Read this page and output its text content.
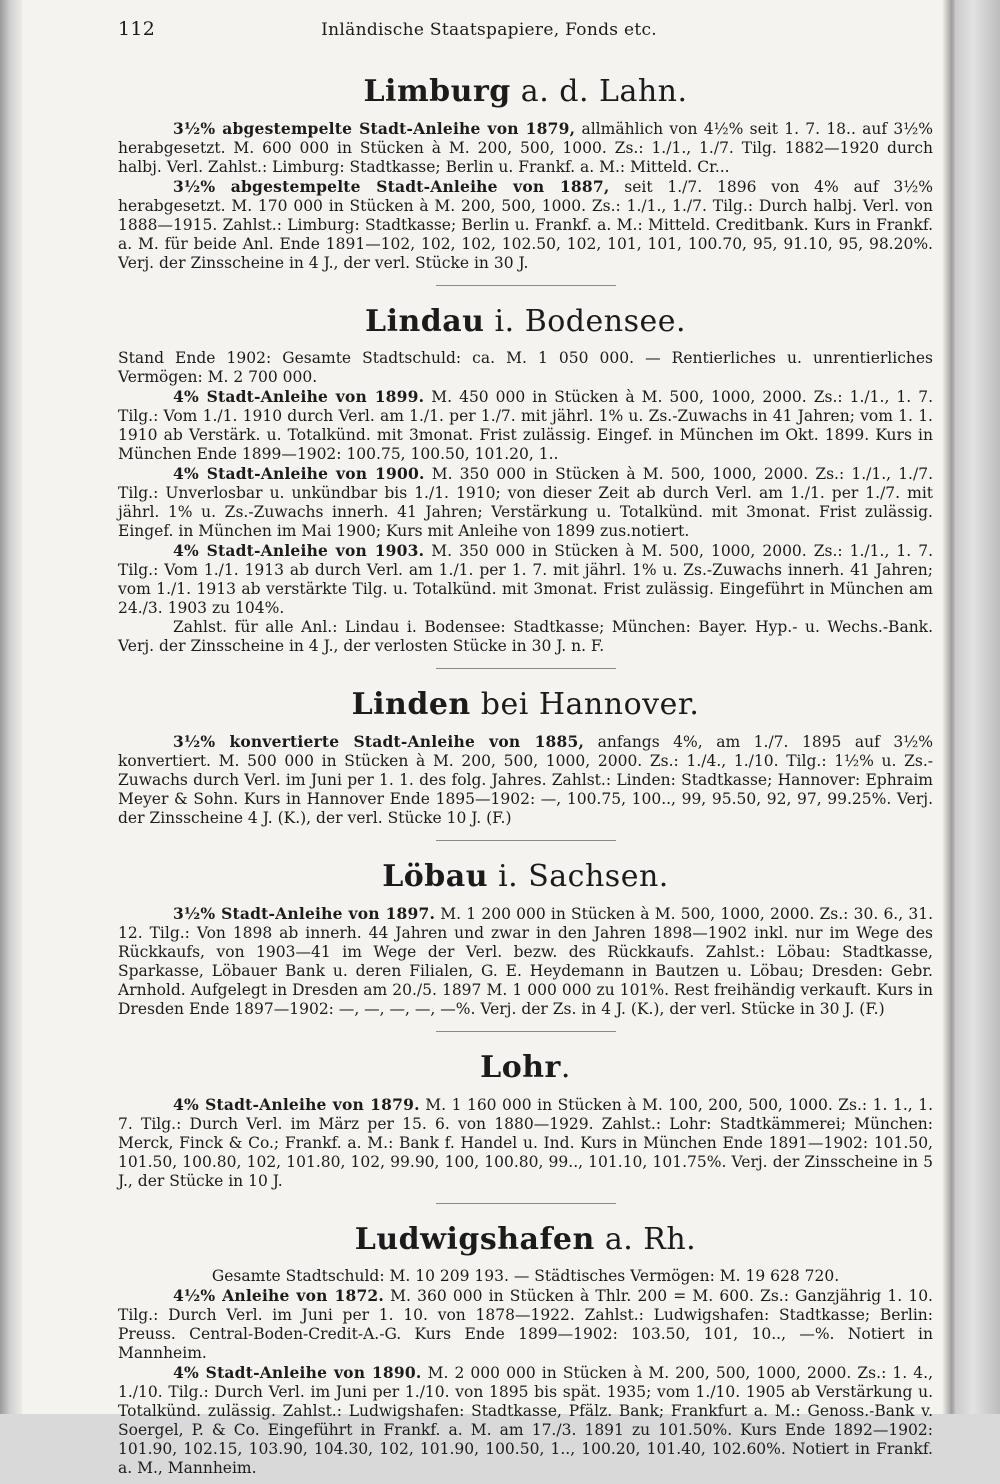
112	Inländische Staatspapiere, Fonds etc.
Limburg a. d. Lahn.

3½% abgestempelte Stadt-Anleihe von 1879, allmählich von 4½% seit 1. 7. 18.. auf 3½% herabgesetzt. M. 600 000 in Stücken à M. 200, 500, 1000. Zs.: 1./1., 1./7. Tilg. 1882—1920 durch halbj. Verl. Zahlst.: Limburg: Stadtkasse; Berlin u. Frankf. a. M.: Mitteld. Cr...

3½% abgestempelte Stadt-Anleihe von 1887, seit 1./7. 1896 von 4% auf 3½% herabgesetzt. M. 170 000 in Stücken à M. 200, 500, 1000. Zs.: 1./1., 1./7. Tilg.: Durch halbj. Verl. von 1888—1915. Zahlst.: Limburg: Stadtkasse; Berlin u. Frankf. a. M.: Mitteld. Creditbank. Kurs in Frankf. a. M. für beide Anl. Ende 1891—102, 102, 102, 102.50, 102, 101, 101, 100.70, 95, 91.10, 95, 98.20%. Verj. der Zinsscheine in 4 J., der verl. Stücke in 30 J.

Lindau i. Bodensee.

Stand Ende 1902: Gesamte Stadtschuld: ca. M. 1 050 000. — Rentierliches u. unrentierliches Vermögen: M. 2 700 000.

4% Stadt-Anleihe von 1899. M. 450 000 in Stücken à M. 500, 1000, 2000. Zs.: 1./1., 1. 7. Tilg.: Vom 1./1. 1910 durch Verl. am 1./1. per 1./7. mit jährl. 1% u. Zs.-Zuwachs in 41 Jahren; vom 1. 1. 1910 ab Verstärk. u. Totalkünd. mit 3monat. Frist zulässig. Eingef. in München im Okt. 1899. Kurs in München Ende 1899—1902: 100.75, 100.50, 101.20, 1..

4% Stadt-Anleihe von 1900. M. 350 000 in Stücken à M. 500, 1000, 2000. Zs.: 1./1., 1./7. Tilg.: Unverlosbar u. unkündbar bis 1./1. 1910; von dieser Zeit ab durch Verl. am 1./1. per 1./7. mit jährl. 1% u. Zs.-Zuwachs innerh. 41 Jahren; Verstärkung u. Totalkünd. mit 3monat. Frist zulässig. Eingef. in München im Mai 1900; Kurs mit Anleihe von 1899 zus.notiert.

4% Stadt-Anleihe von 1903. M. 350 000 in Stücken à M. 500, 1000, 2000. Zs.: 1./1., 1. 7. Tilg.: Vom 1./1. 1913 ab durch Verl. am 1./1. per 1. 7. mit jährl. 1% u. Zs.-Zuwachs innerh. 41 Jahren; vom 1./1. 1913 ab verstärkte Tilg. u. Totalkünd. mit 3monat. Frist zulässig. Eingeführt in München am 24./3. 1903 zu 104%.

Zahlst. für alle Anl.: Lindau i. Bodensee: Stadtkasse; München: Bayer. Hyp.- u. Wechs.-Bank. Verj. der Zinsscheine in 4 J., der verlosten Stücke in 30 J. n. F.

Linden bei Hannover.

3½% konvertierte Stadt-Anleihe von 1885, anfangs 4%, am 1./7. 1895 auf 3½% konvertiert. M. 500 000 in Stücken à M. 200, 500, 1000, 2000. Zs.: 1./4., 1./10. Tilg.: 1½% u. Zs.-Zuwachs durch Verl. im Juni per 1. 1. des folg. Jahres. Zahlst.: Linden: Stadtkasse; Hannover: Ephraim Meyer & Sohn. Kurs in Hannover Ende 1895—1902: —, 100.75, 100.., 99, 95.50, 92, 97, 99.25%. Verj. der Zinsscheine 4 J. (K.), der verl. Stücke 10 J. (F.)

Löbau i. Sachsen.

3½% Stadt-Anleihe von 1897. M. 1 200 000 in Stücken à M. 500, 1000, 2000. Zs.: 30. 6., 31. 12. Tilg.: Von 1898 ab innerh. 44 Jahren und zwar in den Jahren 1898—1902 inkl. nur im Wege des Rückkaufs, von 1903—41 im Wege der Verl. bezw. des Rückkaufs. Zahlst.: Löbau: Stadtkasse, Sparkasse, Löbauer Bank u. deren Filialen, G. E. Heydemann in Bautzen u. Löbau; Dresden: Gebr. Arnhold. Aufgelegt in Dresden am 20./5. 1897 M. 1 000 000 zu 101%. Rest freihändig verkauft. Kurs in Dresden Ende 1897—1902: —, —, —, —, —%. Verj. der Zs. in 4 J. (K.), der verl. Stücke in 30 J. (F.)

Lohr.

4% Stadt-Anleihe von 1879. M. 1 160 000 in Stücken à M. 100, 200, 500, 1000. Zs.: 1. 1., 1. 7. Tilg.: Durch Verl. im März per 15. 6. von 1880—1929. Zahlst.: Lohr: Stadtkämmerei; München: Merck, Finck & Co.; Frankf. a. M.: Bank f. Handel u. Ind. Kurs in München Ende 1891—1902: 101.50, 101.50, 100.80, 102, 101.80, 102, 99.90, 100, 100.80, 99.., 101.10, 101.75%. Verj. der Zinsscheine in 5 J., der Stücke in 10 J.

Ludwigshafen a. Rh.

Gesamte Stadtschuld: M. 10 209 193. — Städtisches Vermögen: M. 19 628 720.

4½% Anleihe von 1872. M. 360 000 in Stücken à Thlr. 200 = M. 600. Zs.: Ganzjährig 1. 10. Tilg.: Durch Verl. im Juni per 1. 10. von 1878—1922. Zahlst.: Ludwigshafen: Stadtkasse; Berlin: Preuss. Central-Boden-Credit-A.-G. Kurs Ende 1899—1902: 103.50, 101, 10.., —%. Notiert in Mannheim.

4% Stadt-Anleihe von 1890. M. 2 000 000 in Stücken à M. 200, 500, 1000, 2000. Zs.: 1. 4., 1./10. Tilg.: Durch Verl. im Juni per 1./10. von 1895 bis spät. 1935; vom 1./10. 1905 ab Verstärkung u. Totalkünd. zulässig. Zahlst.: Ludwigshafen: Stadtkasse, Pfälz. Bank; Frankfurt a. M.: Genoss.-Bank v. Soergel, P. & Co. Eingeführt in Frankf. a. M. am 17./3. 1891 zu 101.50%. Kurs Ende 1892—1902: 101.90, 102.15, 103.90, 104.30, 102, 101.90, 100.50, 1.., 100.20, 101.40, 102.60%. Notiert in Frankf. a. M., Mannheim.
